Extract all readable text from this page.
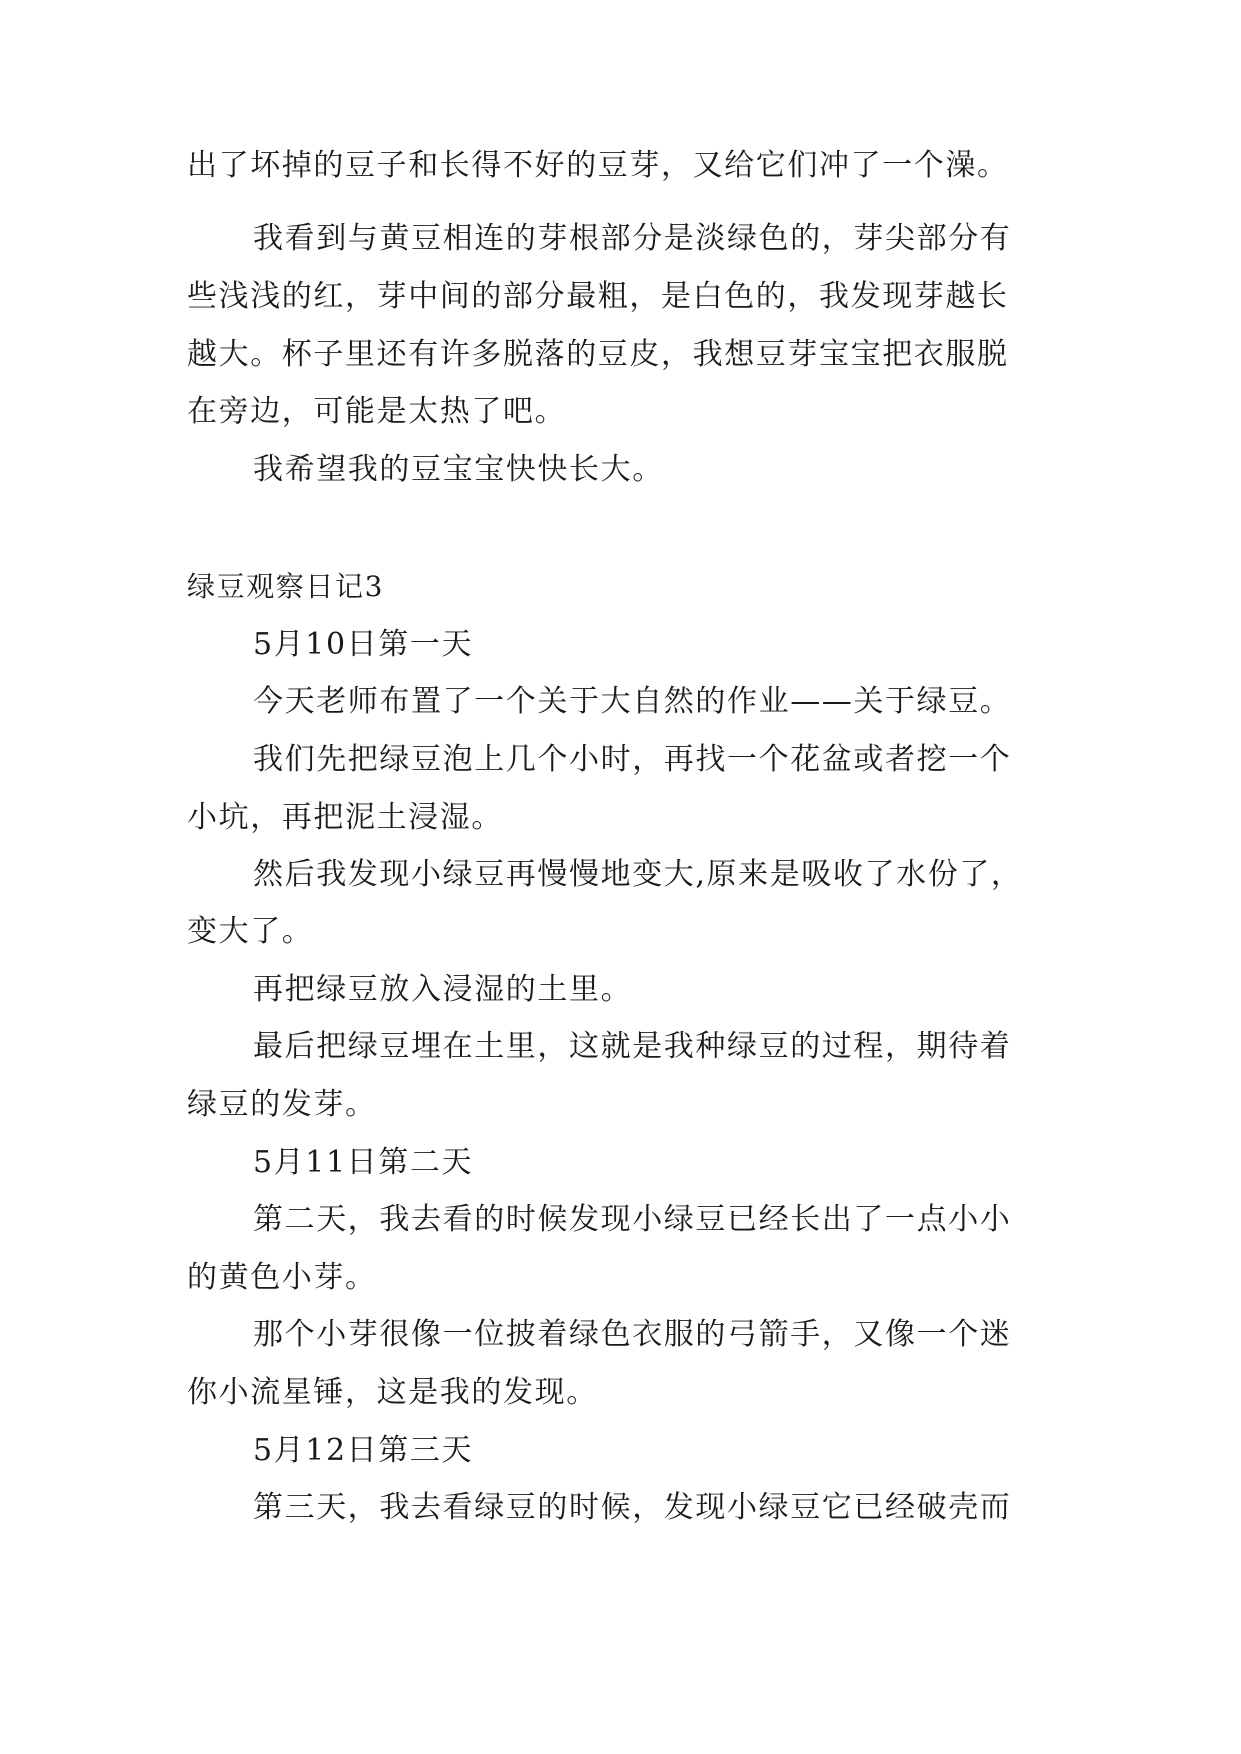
出了坏掉的豆子和长得不好的豆芽，又给它们冲了一个澡。

我看到与黄豆相连的芽根部分是淡绿色的，芽尖部分有

些浅浅的红，芽中间的部分最粗，是白色的，我发现芽越长

越大。杯子里还有许多脱落的豆皮，我想豆芽宝宝把衣服脱

在旁边，可能是太热了吧。

我希望我的豆宝宝快快长大。

绿豆观察日记3

5月10日第一天

今天老师布置了一个关于大自然的作业——关于绿豆。

我们先把绿豆泡上几个小时，再找一个花盆或者挖一个

小坑，再把泥土浸湿。

然后我发现小绿豆再慢慢地变大,原来是吸收了水份了，

变大了。

再把绿豆放入浸湿的土里。

最后把绿豆埋在土里，这就是我种绿豆的过程，期待着

绿豆的发芽。

5月11日第二天

第二天，我去看的时候发现小绿豆已经长出了一点小小

的黄色小芽。

那个小芽很像一位披着绿色衣服的弓箭手，又像一个迷

你小流星锤，这是我的发现。

5月12日第三天

第三天，我去看绿豆的时候，发现小绿豆它已经破壳而
